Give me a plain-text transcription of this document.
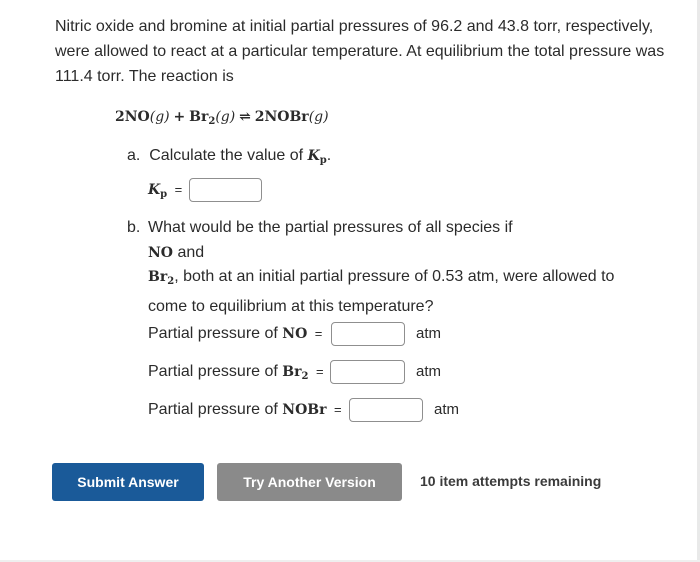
Nitric oxide and bromine at initial partial pressures of 96.2 and 43.8 torr, respectively, were allowed to react at a particular temperature. At equilibrium the total pressure was 111.4 torr. The reaction is

$2NO(g) + Br_2(g)$ ⇌ 2NOBr(g)
a. Calculate the value of $K_p$.
$K_p$ =
b. What would be the partial pressures of all species if
NO and
$Br_2$, both at an initial partial pressure of 0.53 atm, were allowed to
come to equilibrium at this temperature?
Partial pressure of NO =	atm
Partial pressure of $Br_2$ =	atm
Partial pressure of NOBr =	atm
Submit Answer	Try Another Version	10 item attempts remaining
